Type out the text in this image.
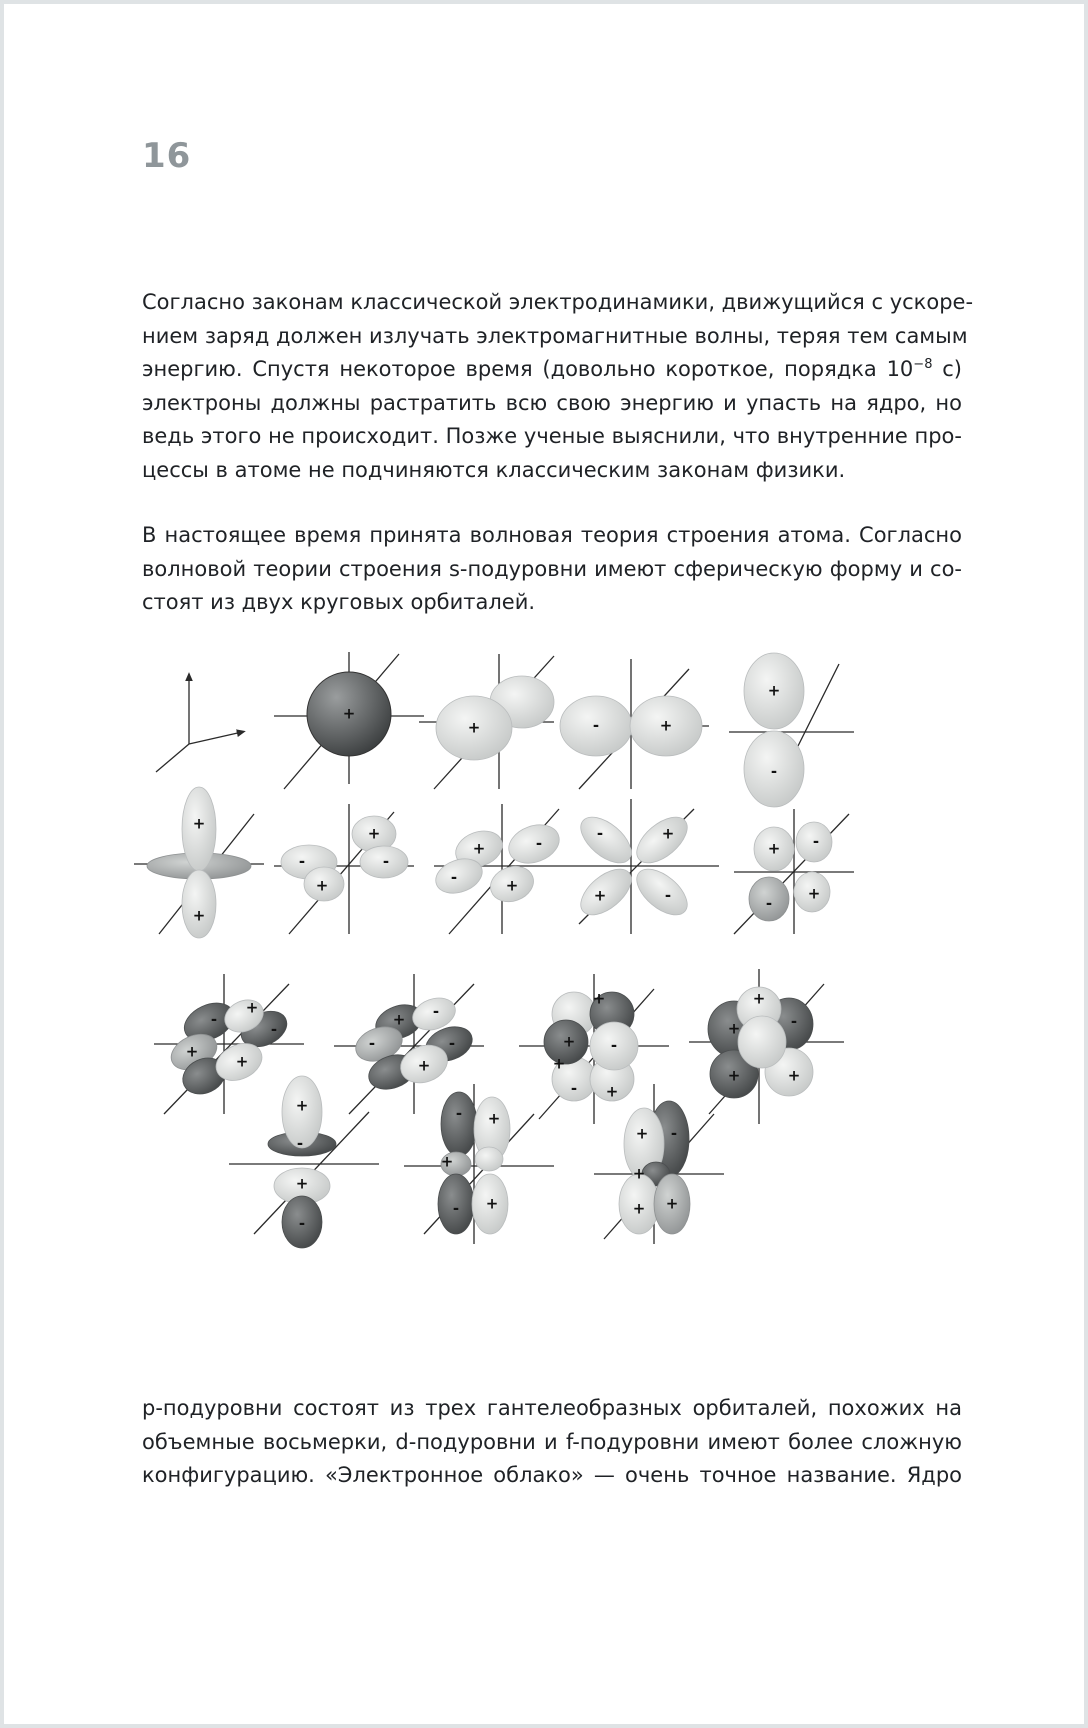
16
Согласно законам классической электродинамики, движущийся с ускоре-
нием заряд должен излучать электромагнитные волны, теряя тем самым
энергию. Спустя некоторое время (довольно короткое, порядка $10^{-8}$ с)
электроны должны растратить всю свою энергию и упасть на ядро, но
ведь этого не происходит. Позже ученые выяснили, что внутренние про-
цессы в атоме не подчиняются классическим законам физики.
В настоящее время принята волновая теория строения атома. Согласно
волновой теории строения s-подуровни имеют сферическую форму и со-
стоят из двух круговых орбиталей.
+
+	-	+
+
-
+
+
+
-
-
+
+	-
-	+
-	+
+	-
+ -
-
+
+
-
-
+
+
+ -
-	-
+	+
+
+ -
- +
+
+	-
+	+
+
-
+
-
- +
+
- +
+ -
+
+ +
p-подуровни состоят из трех гантелеобразных орбиталей, похожих на
объемные восьмерки, d-подуровни и f-подуровни имеют более сложную
конфигурацию. «Электронное облако» — очень точное название. Ядро
